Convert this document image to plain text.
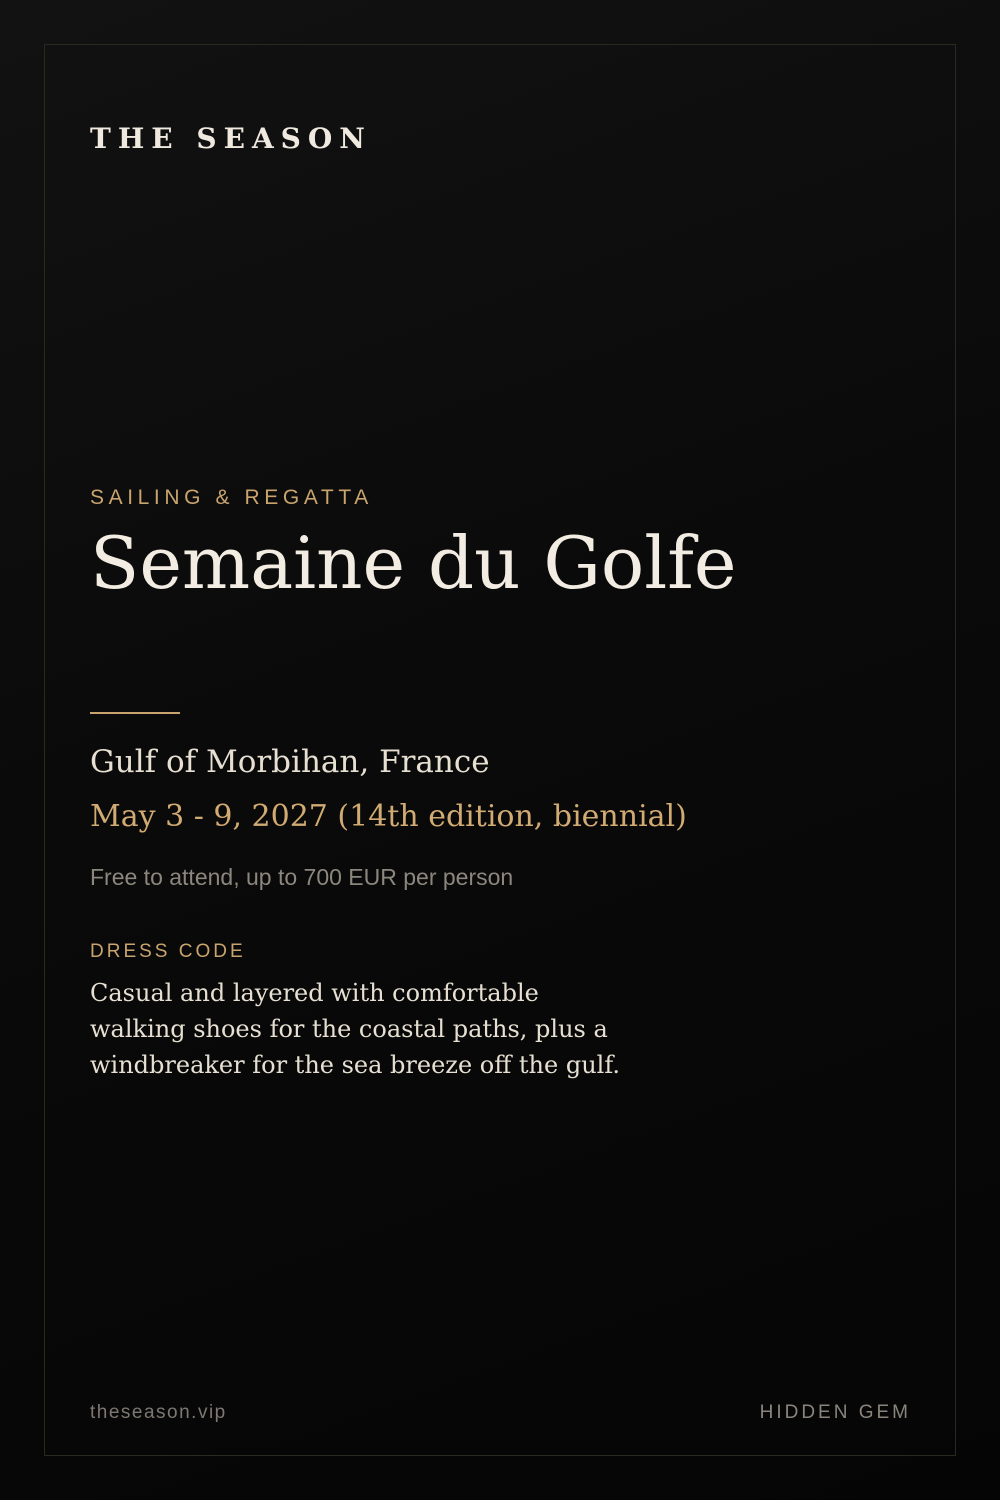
THE SEASON
SAILING & REGATTA
Semaine du Golfe
Gulf of Morbihan, France
May 3 - 9, 2027 (14th edition, biennial)
Free to attend, up to 700 EUR per person
DRESS CODE

Casual and layered with comfortable walking shoes for the coastal paths, plus a windbreaker for the sea breeze off the gulf.

theseason.vip	HIDDEN GEM
